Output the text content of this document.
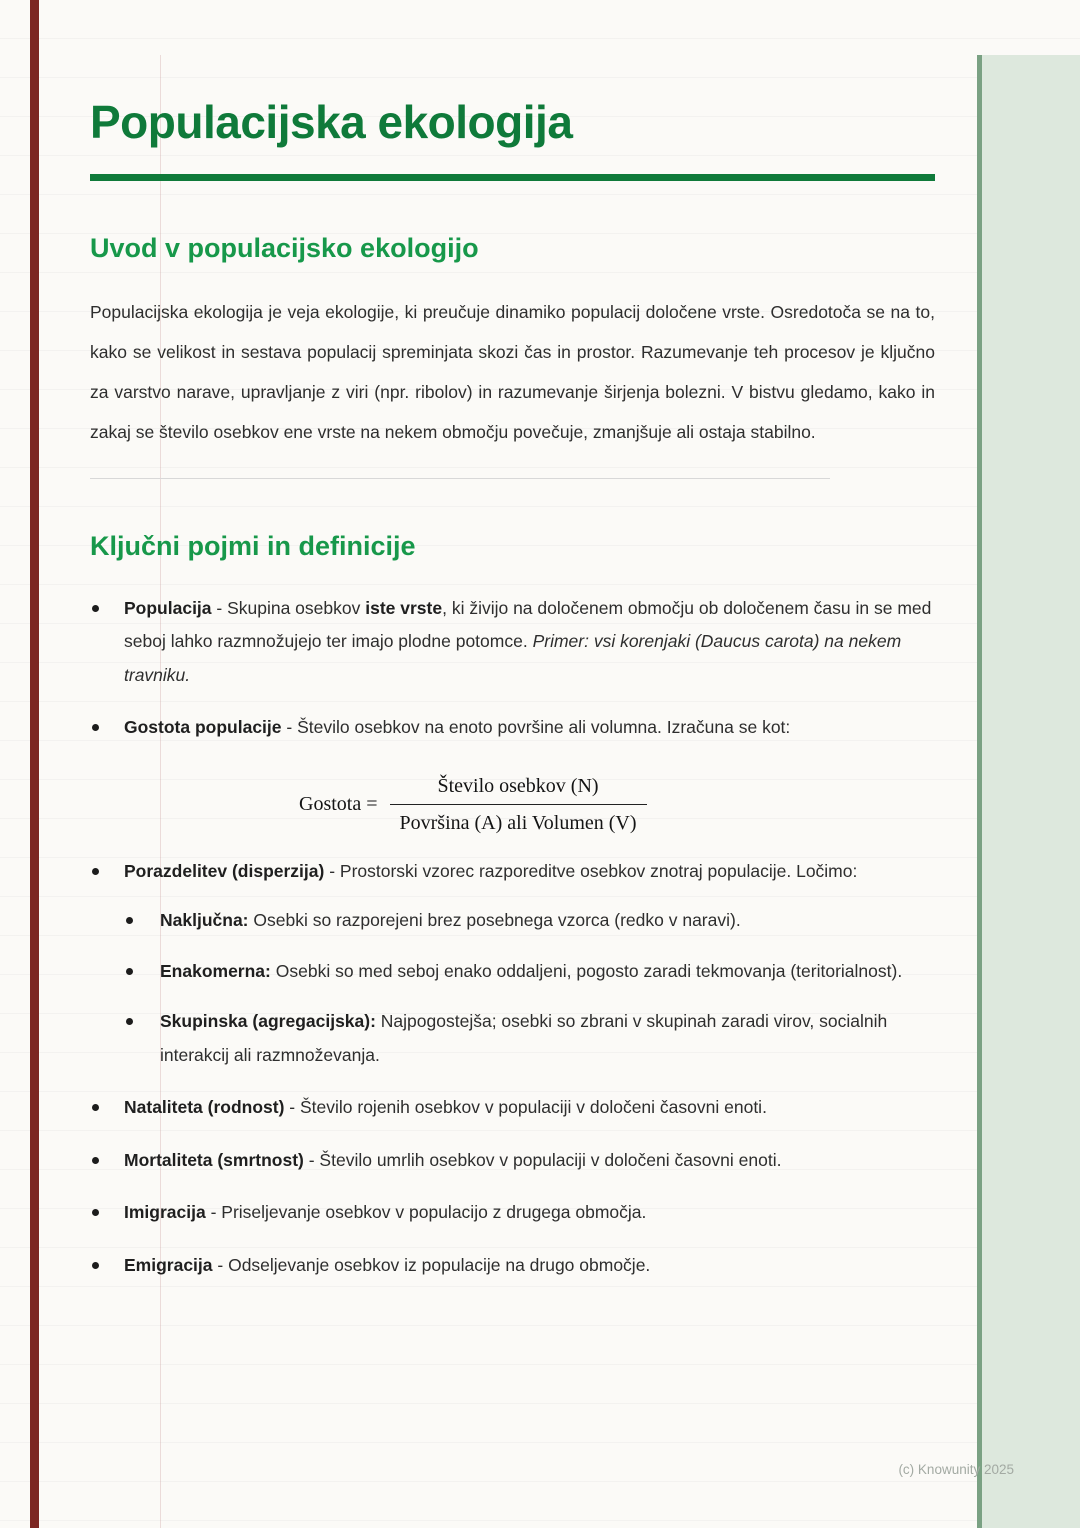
Populacijska ekologija
Uvod v populacijsko ekologijo

Populacijska ekologija je veja ekologije, ki preučuje dinamiko populacij določene vrste. Osredotoča se na to, kako se velikost in sestava populacij spreminjata skozi čas in prostor. Razumevanje teh procesov je ključno za varstvo narave, upravljanje z viri (npr. ribolov) in razumevanje širjenja bolezni. V bistvu gledamo, kako in zakaj se število osebkov ene vrste na nekem območju povečuje, zmanjšuje ali ostaja stabilno.

Ključni pojmi in definicije
Populacija - Skupina osebkov iste vrste, ki živijo na določenem območju ob določenem času in se med seboj lahko razmnožujejo ter imajo plodne potomce. Primer: vsi korenjaki (Daucus carota) na nekem travniku.
Gostota populacije - Število osebkov na enoto površine ali volumna. Izračuna se kot:
Gostota = $\frac{\text{Število osebkov (N)}}{\text{Površina (A) ali Volumen (V)}}$
Porazdelitev (disperzija) - Prostorski vzorec razporeditve osebkov znotraj populacije. Ločimo:
Naključna: Osebki so razporejeni brez posebnega vzorca (redko v naravi).
Enakomerna: Osebki so med seboj enako oddaljeni, pogosto zaradi tekmovanja (teritorialnost).
Skupinska (agregacijska): Najpogostejša; osebki so zbrani v skupinah zaradi virov, socialnih interakcij ali razmnoževanja.
Nataliteta (rodnost) - Število rojenih osebkov v populaciji v določeni časovni enoti.
Mortaliteta (smrtnost) - Število umrlih osebkov v populaciji v določeni časovni enoti.
Imigracija - Priseljevanje osebkov v populacijo z drugega območja.
Emigracija - Odseljevanje osebkov iz populacije na drugo območje.
(c) Knowunity 2025
